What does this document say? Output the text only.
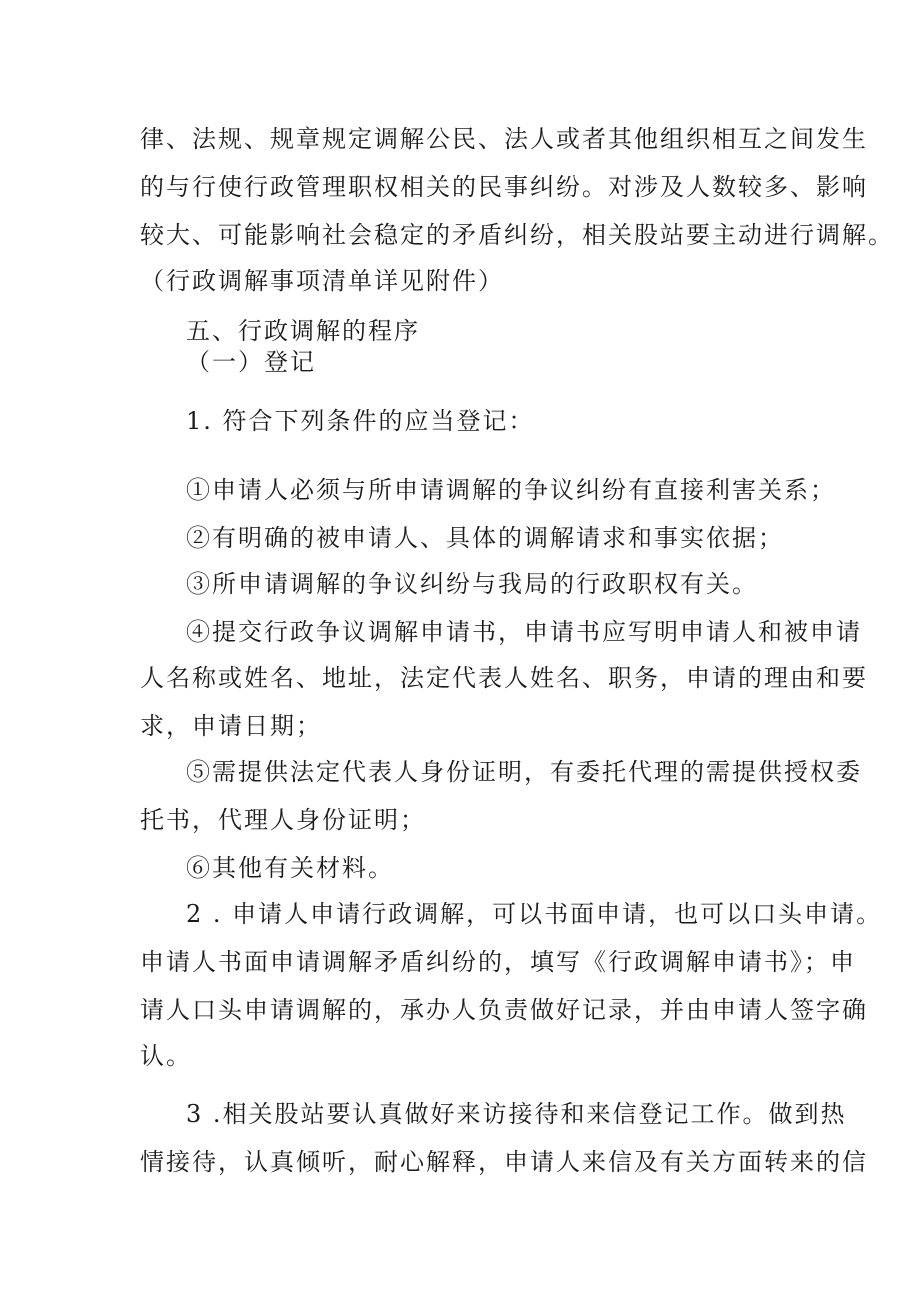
律、法规、规章规定调解公民、法人或者其他组织相互之间发生
的与行使行政管理职权相关的民事纠纷。对涉及人数较多、影响
较大、可能影响社会稳定的矛盾纠纷，相关股站要主动进行调解。
（行政调解事项清单详见附件）
五、行政调解的程序
（一）登记
1. 符合下列条件的应当登记：
①申请人必须与所申请调解的争议纠纷有直接利害关系；
②有明确的被申请人、具体的调解请求和事实依据；
③所申请调解的争议纠纷与我局的行政职权有关。
④提交行政争议调解申请书，申请书应写明申请人和被申请
人名称或姓名、地址，法定代表人姓名、职务，申请的理由和要
求，申请日期；
⑤需提供法定代表人身份证明，有委托代理的需提供授权委
托书，代理人身份证明；
⑥其他有关材料。
2 . 申请人申请行政调解，可以书面申请，也可以口头申请。
申请人书面申请调解矛盾纠纷的，填写《行政调解申请书》；申
请人口头申请调解的，承办人负责做好记录，并由申请人签字确
认。
3 .相关股站要认真做好来访接待和来信登记工作。做到热
情接待，认真倾听，耐心解释，申请人来信及有关方面转来的信
